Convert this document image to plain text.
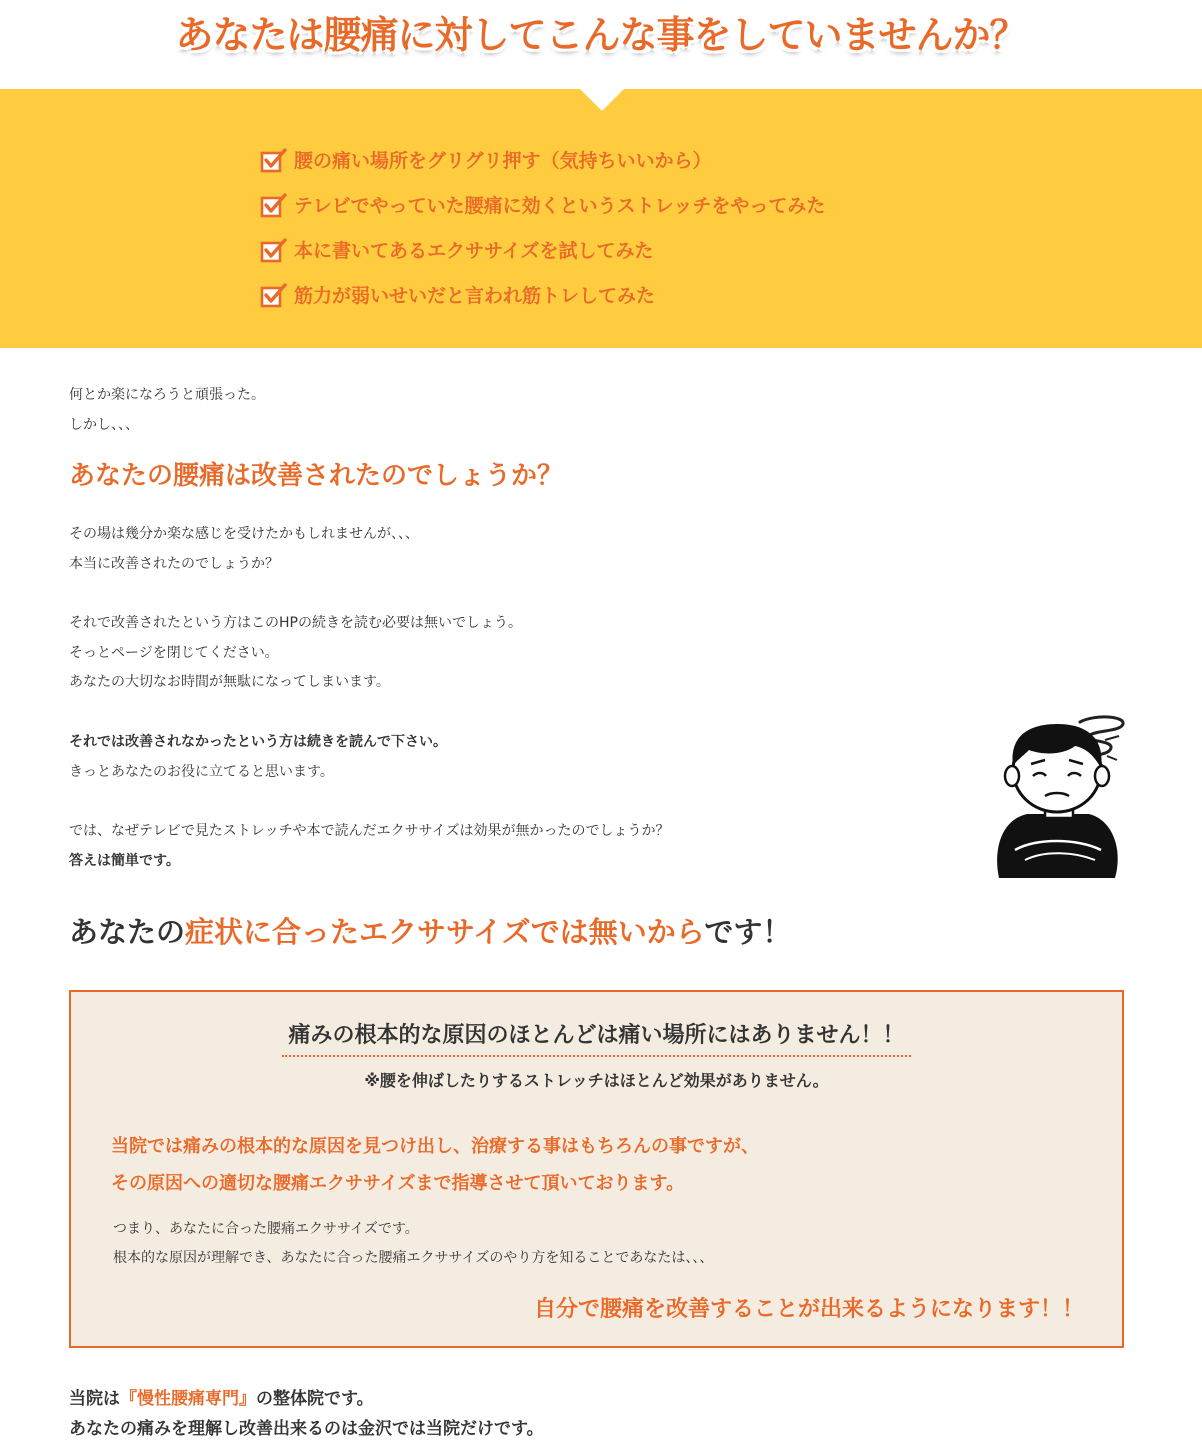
あなたは腰痛に対してこんな事をしていませんか？
腰の痛い場所をグリグリ押す（気持ちいいから）
テレビでやっていた腰痛に効くというストレッチをやってみた
本に書いてあるエクササイズを試してみた
筋力が弱いせいだと言われ筋トレしてみた

何とか楽になろうと頑張った。

しかし、、、

あなたの腰痛は改善されたのでしょうか？

その場は幾分か楽な感じを受けたかもしれませんが、、、

本当に改善されたのでしょうか？

それで改善されたという方はこのHPの続きを読む必要は無いでしょう。

そっとページを閉じてください。

あなたの大切なお時間が無駄になってしまいます。

それでは改善されなかったという方は続きを読んで下さい。

きっとあなたのお役に立てると思います。

では、なぜテレビで見たストレッチや本で読んだエクササイズは効果が無かったのでしょうか？

答えは簡単です。

あなたの症状に合ったエクササイズでは無いからです！
痛みの根本的な原因のほとんどは痛い場所にはありません！！
※腰を伸ばしたりするストレッチはほとんど効果がありません。

当院では痛みの根本的な原因を見つけ出し、治療する事はもちろんの事ですが、

その原因への適切な腰痛エクササイズまで指導させて頂いております。

つまり、あなたに合った腰痛エクササイズです。

根本的な原因が理解でき、あなたに合った腰痛エクササイズのやり方を知ることであなたは、、、

自分で腰痛を改善することが出来るようになります！！

当院は『慢性腰痛専門』の整体院です。

あなたの痛みを理解し改善出来るのは金沢では当院だけです。
